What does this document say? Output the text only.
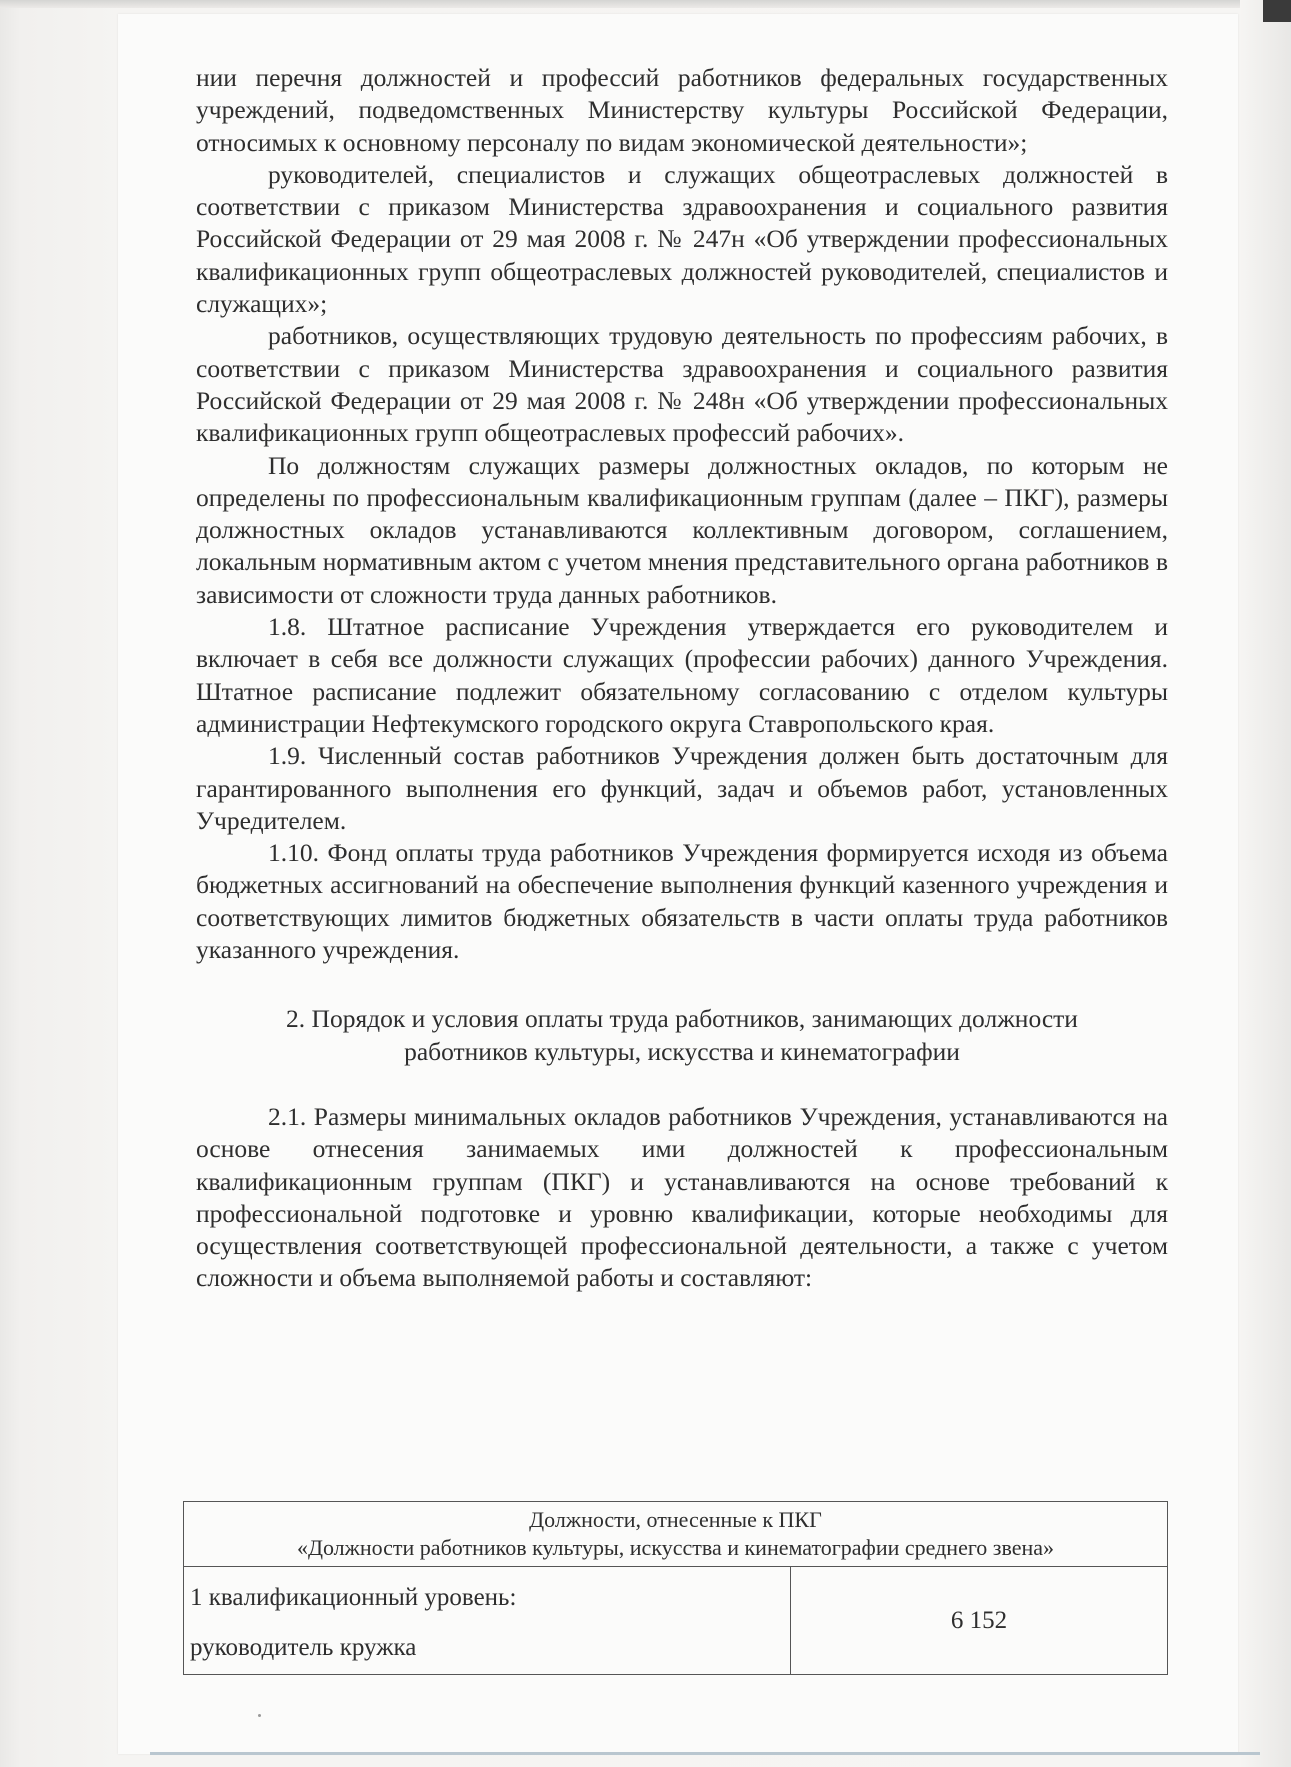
нии перечня должностей и профессий работников федеральных государственных учреждений, подведомственных Министерству культуры Российской Федерации, относимых к основному персоналу по видам экономической деятельности»;

руководителей, специалистов и служащих общеотраслевых должностей в соответствии с приказом Министерства здравоохранения и социального развития Российской Федерации от 29 мая 2008 г. № 247н «Об утверждении профессиональных квалификационных групп общеотраслевых должностей руководителей, специалистов и служащих»;

работников, осуществляющих трудовую деятельность по профессиям рабочих, в соответствии с приказом Министерства здравоохранения и социального развития Российской Федерации от 29 мая 2008 г. № 248н «Об утверждении профессиональных квалификационных групп общеотраслевых профессий рабочих».

По должностям служащих размеры должностных окладов, по которым не определены по профессиональным квалификационным группам (далее – ПКГ), размеры должностных окладов устанавливаются коллективным договором, соглашением, локальным нормативным актом с учетом мнения представительного органа работников в зависимости от сложности труда данных работников.

1.8. Штатное расписание Учреждения утверждается его руководителем и включает в себя все должности служащих (профессии рабочих) данного Учреждения. Штатное расписание подлежит обязательному согласованию с отделом культуры администрации Нефтекумского городского округа Ставропольского края.

1.9. Численный состав работников Учреждения должен быть достаточным для гарантированного выполнения его функций, задач и объемов работ, установленных Учредителем.

1.10. Фонд оплаты труда работников Учреждения формируется исходя из объема бюджетных ассигнований на обеспечение выполнения функций казенного учреждения и соответствующих лимитов бюджетных обязательств в части оплаты труда работников указанного учреждения.

2. Порядок и условия оплаты труда работников, занимающих должности работников культуры, искусства и кинематографии

2.1. Размеры минимальных окладов работников Учреждения, устанавливаются на основе отнесения занимаемых ими должностей к профессиональным квалификационным группам (ПКГ) и устанавливаются на основе требований к профессиональной подготовке и уровню квалификации, которые необходимы для осуществления соответствующей профессиональной деятельности, а также с учетом сложности и объема выполняемой работы и составляют:

Должности, отнесенные к ПКГ
«Должности работников культуры, искусства и кинематографии среднего звена»

1 квалификационный уровень:
руководитель кружка
	6 152
